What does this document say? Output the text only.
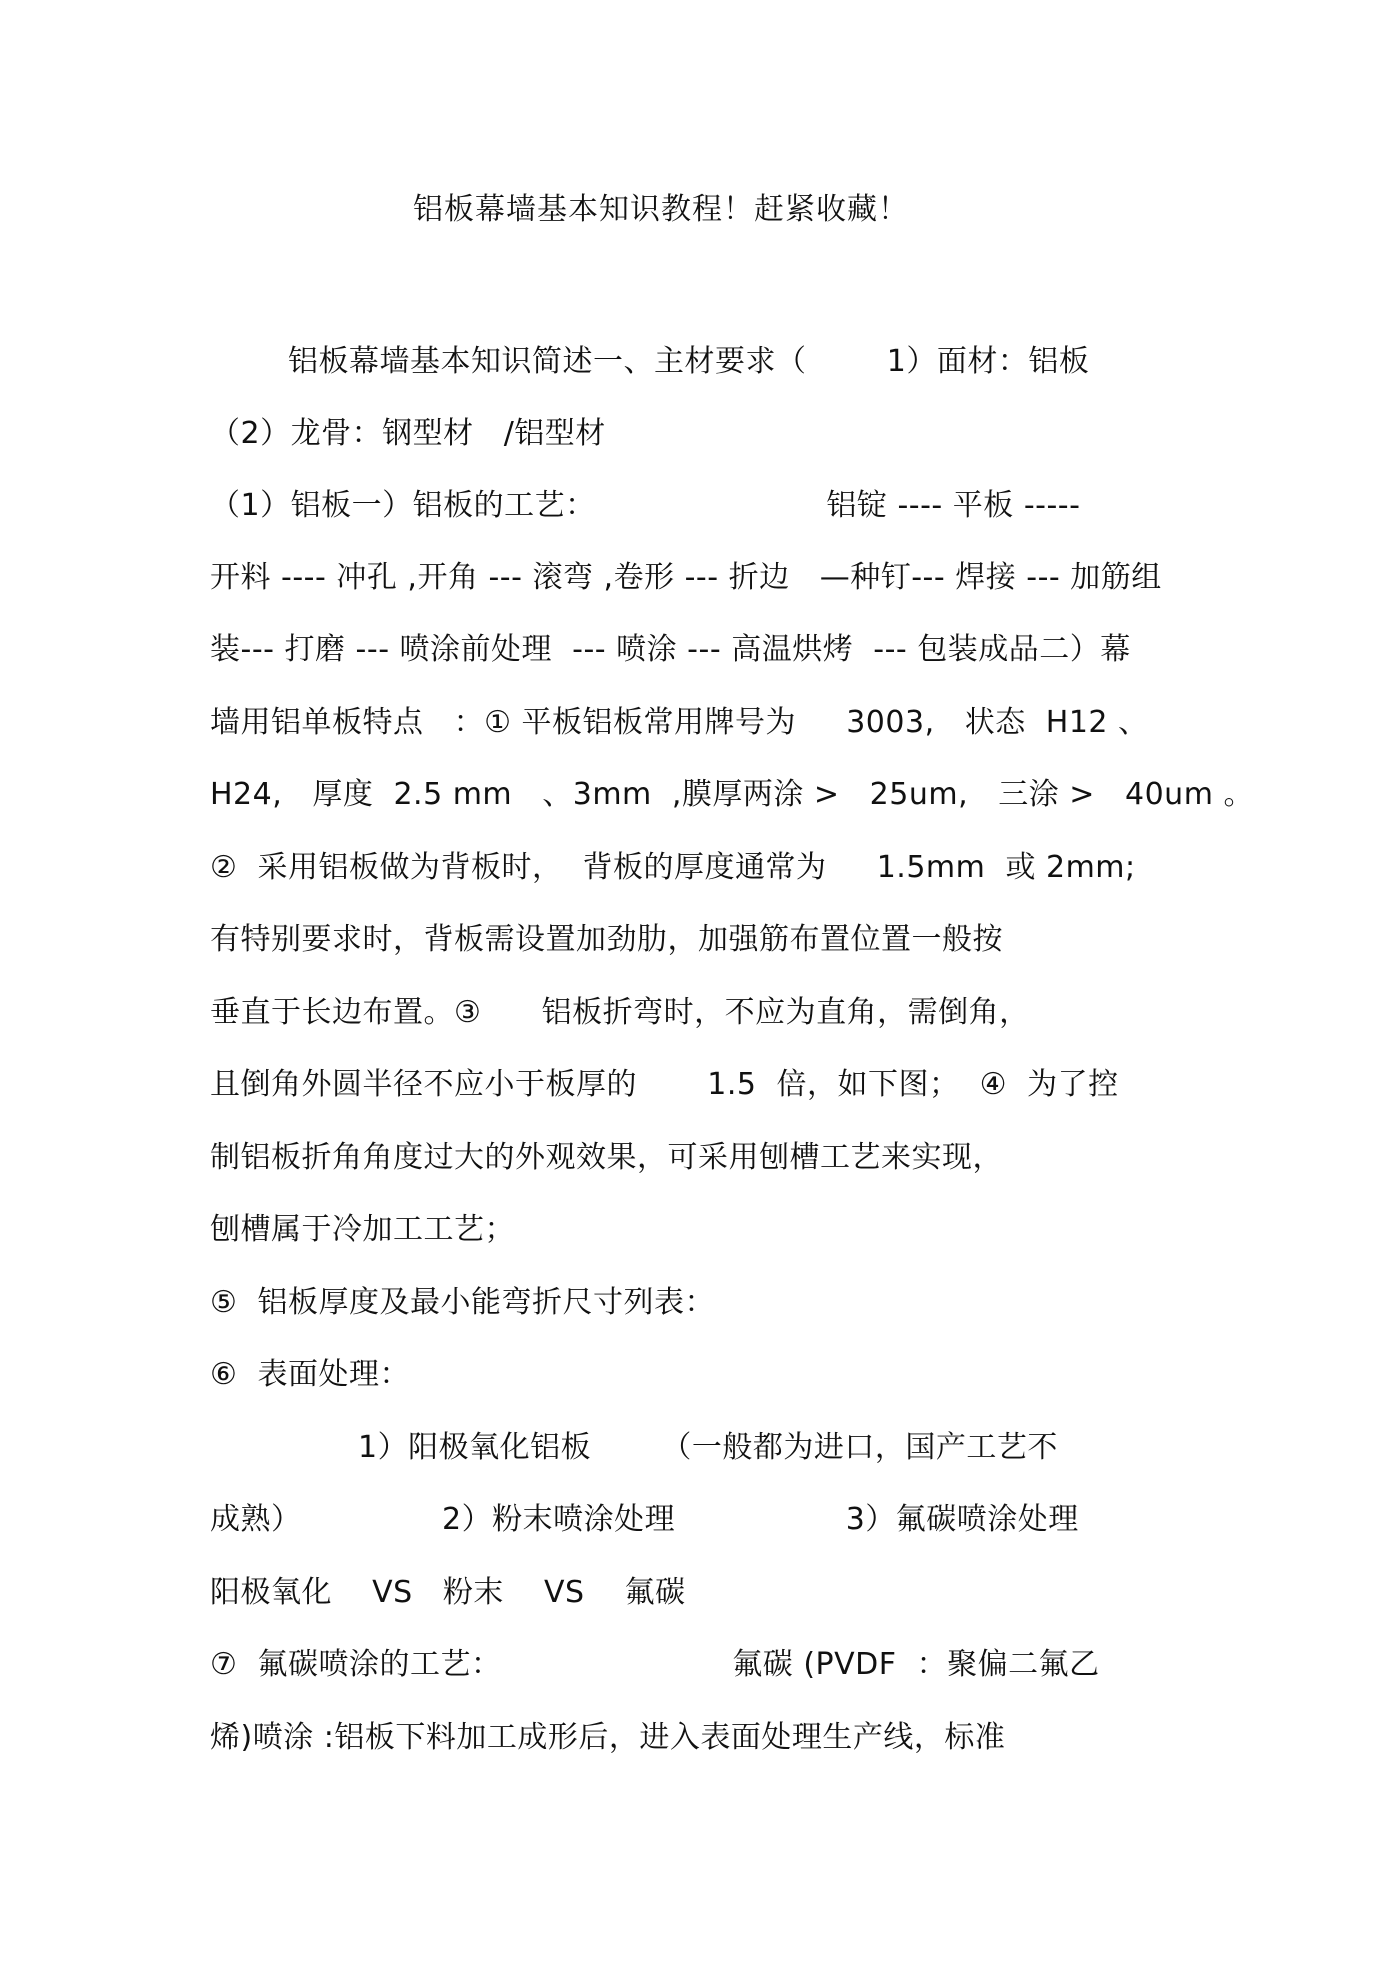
铝板幕墙基本知识教程！赶紧收藏！
铝板幕墙基本知识简述一、主材要求（        1）面材：铝板
（2）龙骨：钢型材   /铝型材
（1）铝板一）铝板的工艺：                       铝锭 ---- 平板 -----
开料 ---- 冲孔 ,开角 --- 滚弯 ,卷形 --- 折边   —种钉--- 焊接 --- 加筋组
装--- 打磨 --- 喷涂前处理  --- 喷涂 --- 高温烘烤  --- 包装成品二）幕
墙用铝单板特点   ：① 平板铝板常用牌号为     3003,   状态  H12 、
H24,   厚度  2.5 mm   、3mm  ,膜厚两涂 >   25um,   三涂 >   40um 。
②  采用铝板做为背板时，  背板的厚度通常为     1.5mm  或 2mm;
有特别要求时，背板需设置加劲肋，加强筋布置位置一般按
垂直于长边布置。③      铝板折弯时，不应为直角，需倒角，
且倒角外圆半径不应小于板厚的       1.5  倍，如下图；  ④  为了控
制铝板折角角度过大的外观效果，可采用刨槽工艺来实现，
刨槽属于冷加工工艺；
⑤  铝板厚度及最小能弯折尺寸列表：
⑥  表面处理：
1）阳极氧化铝板       （一般都为进口，国产工艺不
成熟）              2）粉末喷涂处理                 3）氟碳喷涂处理
阳极氧化    VS   粉末    VS    氟碳
⑦  氟碳喷涂的工艺：                       氟碳 (PVDF  ：聚偏二氟乙
烯)喷涂 :铝板下料加工成形后，进入表面处理生产线，标准
